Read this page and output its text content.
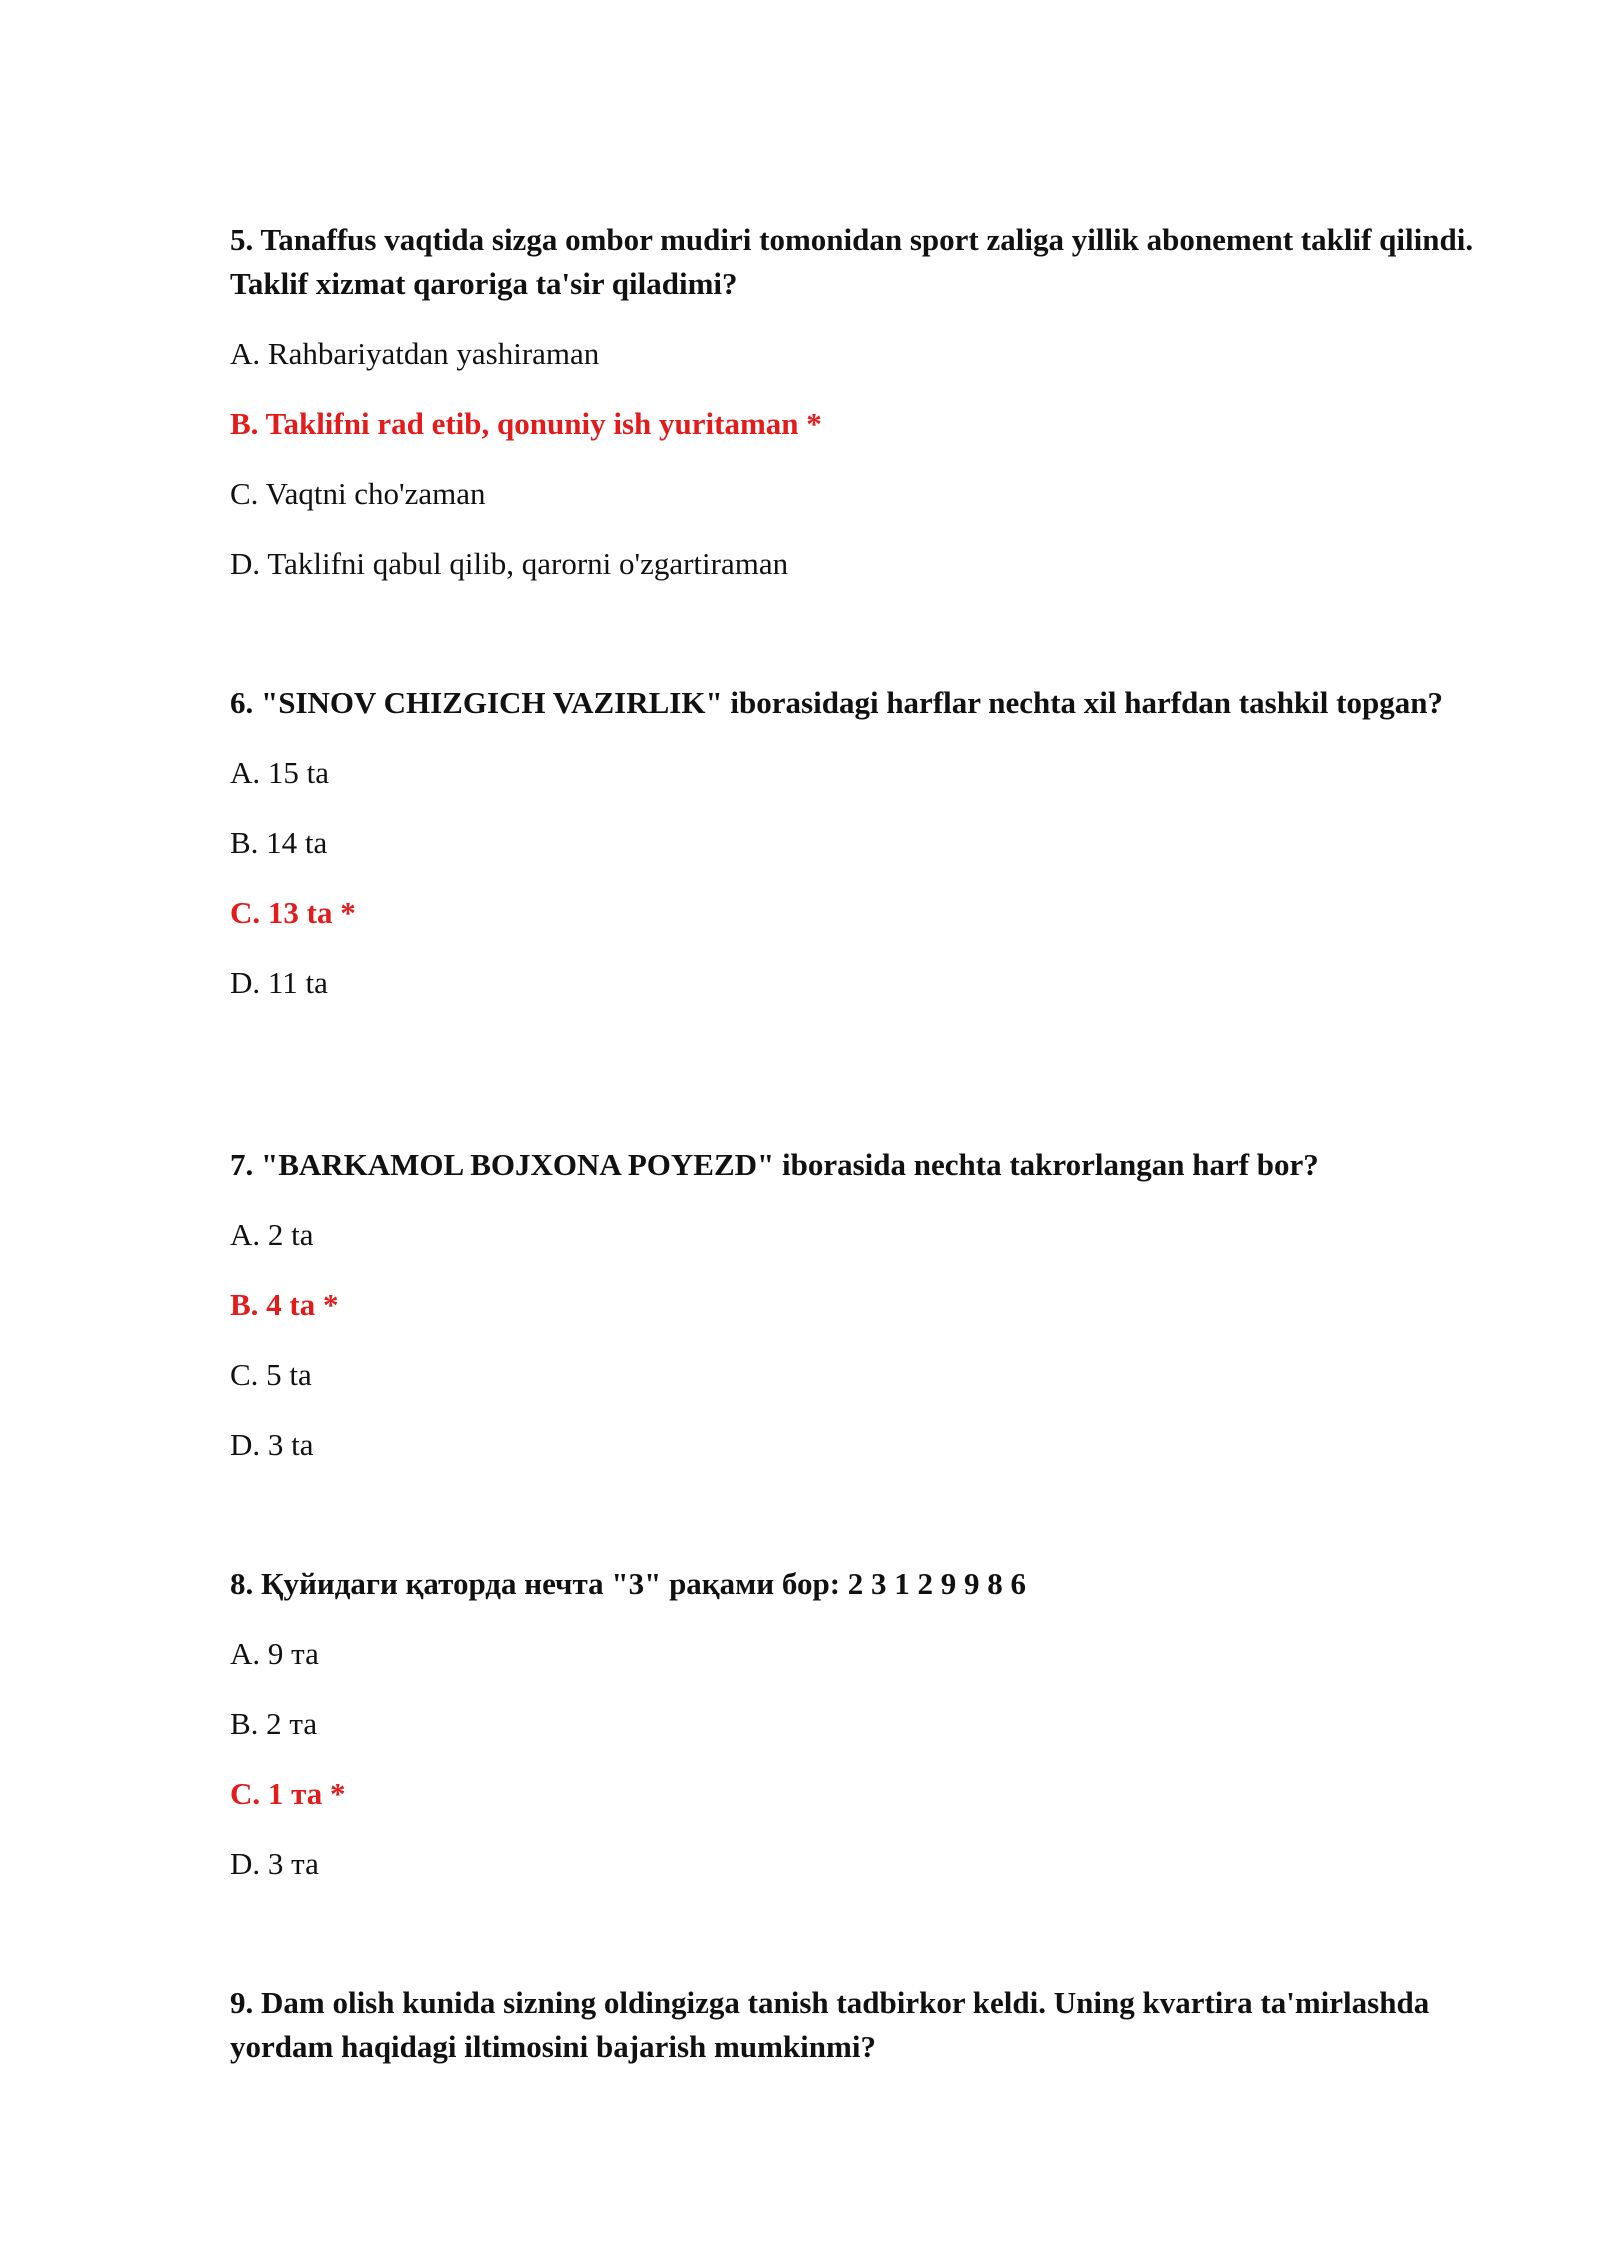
5. Tanaffus vaqtida sizga ombor mudiri tomonidan sport zaliga yillik abonement taklif qilindi. Taklif xizmat qaroriga ta'sir qiladimi?

A. Rahbariyatdan yashiraman

B. Taklifni rad etib, qonuniy ish yuritaman *

C. Vaqtni cho'zaman

D. Taklifni qabul qilib, qarorni o'zgartiraman

6. "SINOV CHIZGICH VAZIRLIK" iborasidagi harflar nechta xil harfdan tashkil topgan?

A. 15 ta

B. 14 ta

C. 13 ta *

D. 11 ta

7. "BARKAMOL BOJXONA POYEZD" iborasida nechta takrorlangan harf bor?

A. 2 ta

B. 4 ta *

C. 5 ta

D. 3 ta

8. Қуйидаги қаторда нечта "3" рақами бор: 2 3 1 2 9 9 8 6

A. 9 та

B. 2 та

C. 1 та *

D. 3 та

9. Dam olish kunida sizning oldingizga tanish tadbirkor keldi. Uning kvartira ta'mirlashda yordam haqidagi iltimosini bajarish mumkinmi?
